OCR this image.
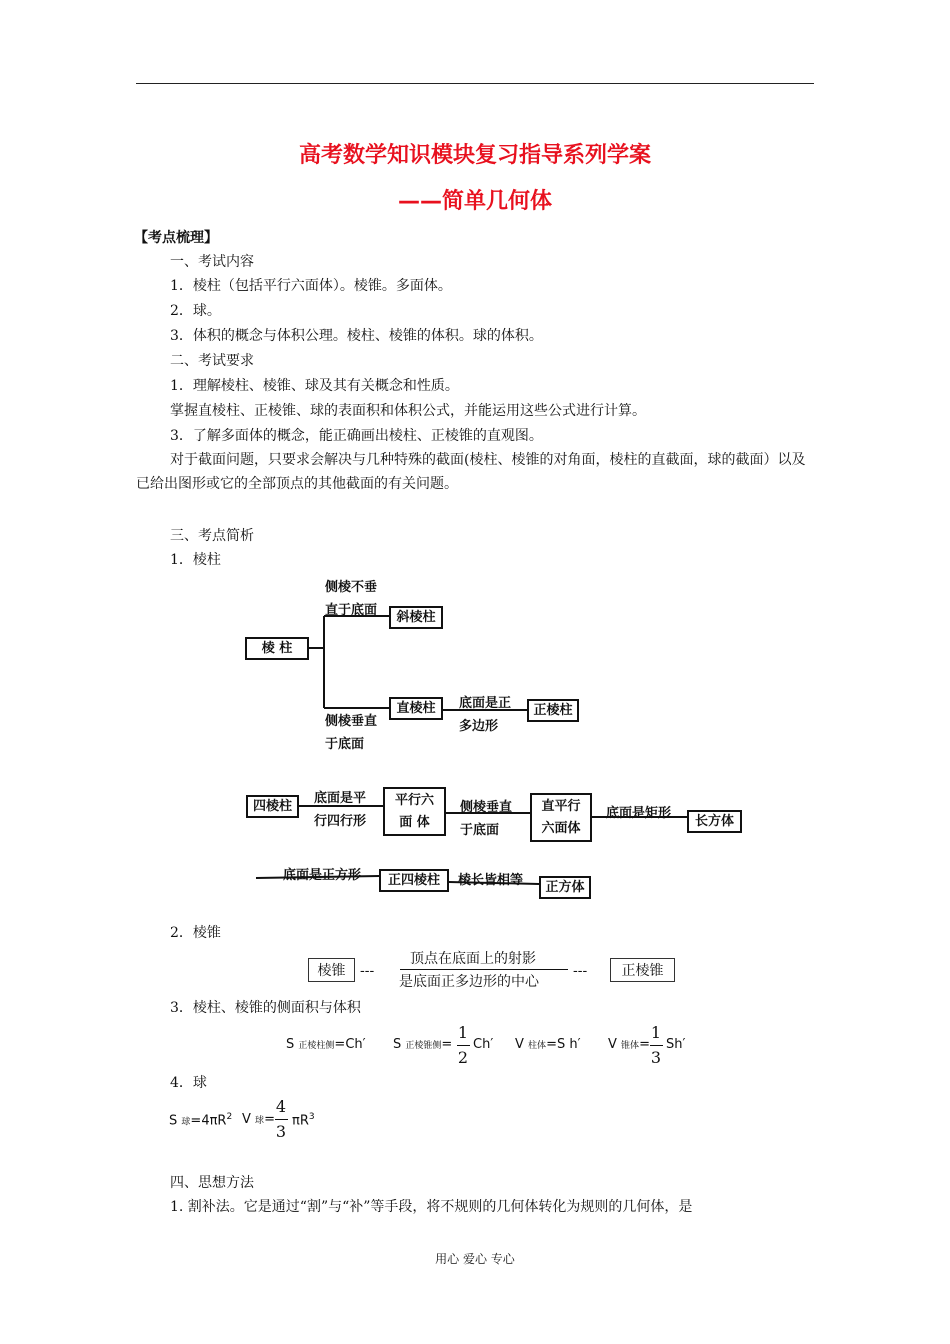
高考数学知识模块复习指导系列学案
——简单几何体
【考点梳理】
一、考试内容
1．棱柱（包括平行六面体）。棱锥。多面体。
2．球。
3．体积的概念与体积公理。棱柱、棱锥的体积。球的体积。
二、考试要求
1．理解棱柱、棱锥、球及其有关概念和性质。
掌握直棱柱、正棱锥、球的表面积和体积公式，并能运用这些公式进行计算。
3．了解多面体的概念，能正确画出棱柱、正棱锥的直观图。
对于截面问题，只要求会解决与几种特殊的截面(棱柱、棱锥的对角面，棱柱的直截面，球的截面）以及已给出图形或它的全部顶点的其他截面的有关问题。
三、考点简析
1．棱柱
棱 柱
侧棱不垂
直于底面	斜棱柱
侧棱垂直
于底面
直棱柱	底面是正
多边形
正棱柱
四棱柱	底面是平
行四行形
平行六
面 体
侧棱垂直
于底面
直平行
六面体
底面是矩形	长方体
底面是正方形	正四棱柱	棱长皆相等	正方体
2．棱锥
棱锥	---
顶点在底面上的射影
是底面正多边形的中心
---	正棱锥
3．棱柱、棱锥的侧面积与体积
S 正棱柱侧=Ch′ S 正棱锥侧=
1
2
Ch′ V 柱体=S h′ V 锥体=
1
3
Sh′
4．球
S 球$=4\pi R^2$ V 球=
4
3
$\pi R^3$
四、思想方法
1. 割补法。它是通过“割”与“补”等手段，将不规则的几何体转化为规则的几何体，是
用心 爱心 专心
